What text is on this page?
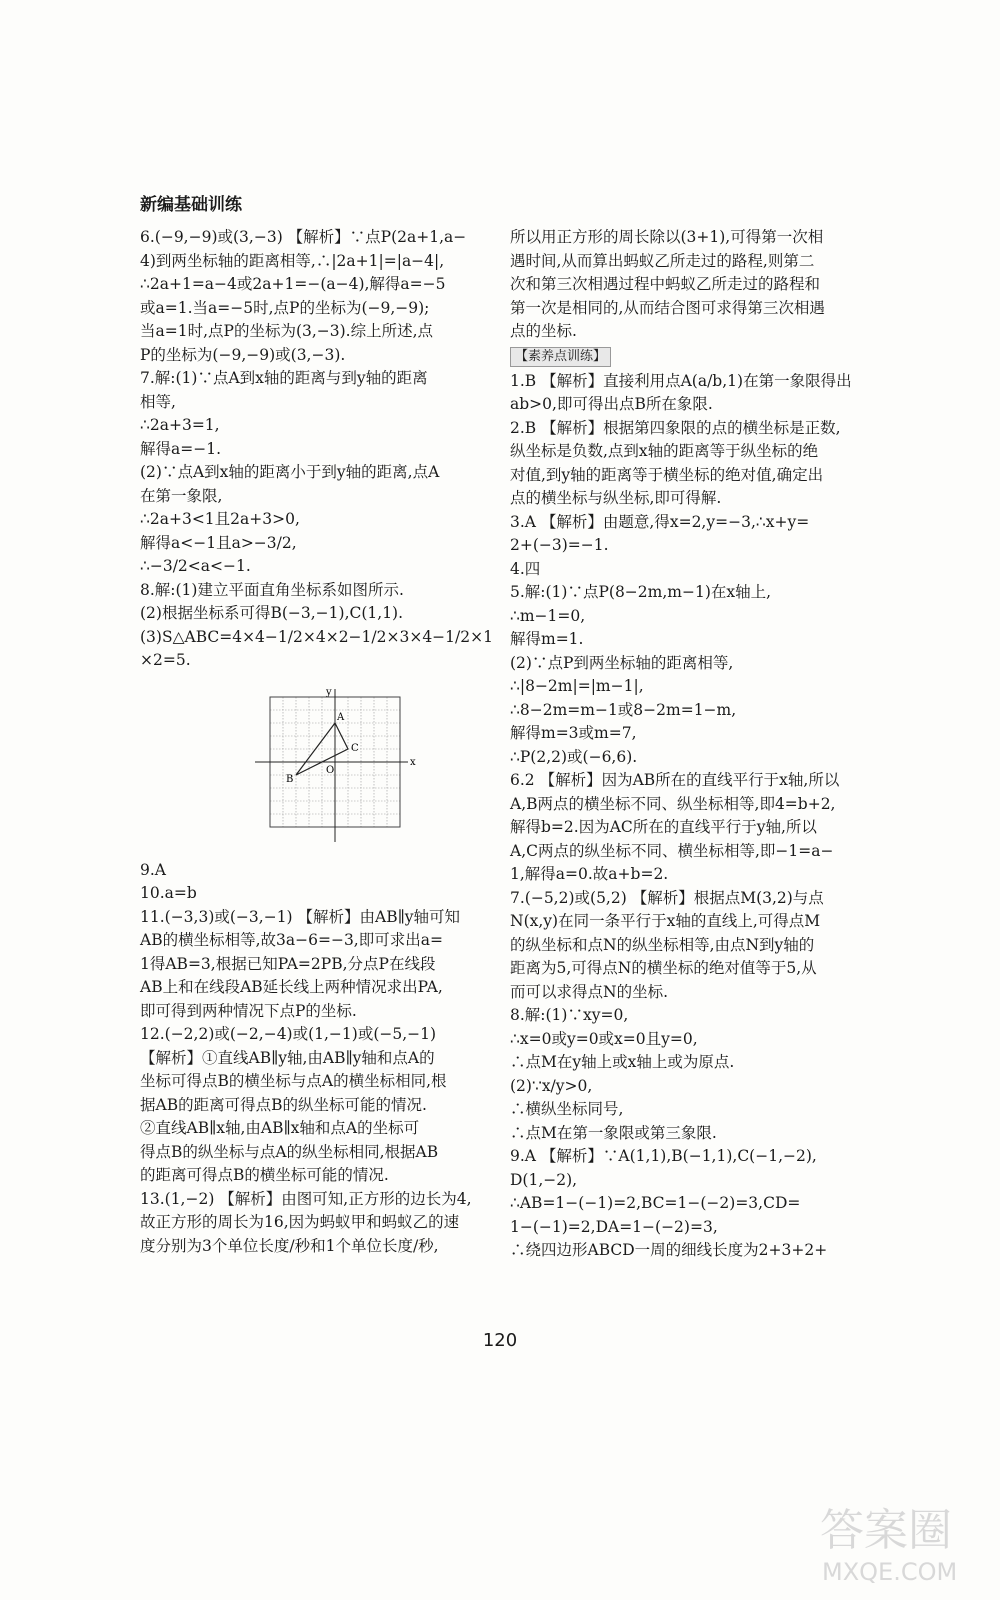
新编基础训练

6.(−9,−9)或(3,−3) 【解析】∵点P(2a+1,a−

4)到两坐标轴的距离相等,∴|2a+1|=|a−4|,

∴2a+1=a−4或2a+1=−(a−4),解得a=−5

或a=1.当a=−5时,点P的坐标为(−9,−9);

当a=1时,点P的坐标为(3,−3).综上所述,点

P的坐标为(−9,−9)或(3,−3).

7.解:(1)∵点A到x轴的距离与到y轴的距离

相等,

∴2a+3=1,

解得a=−1.

(2)∵点A到x轴的距离小于到y轴的距离,点A

在第一象限,

∴2a+3<1且2a+3>0,

解得a<−1且a>−3/2,

∴−3/2<a<−1.

8.解:(1)建立平面直角坐标系如图所示.

(2)根据坐标系可得B(−3,−1),C(1,1).

(3)S△ABC=4×4−1/2×4×2−1/2×3×4−1/2×1

×2=5.

x
y
O
A
B
C

9.A

10.a=b

11.(−3,3)或(−3,−1) 【解析】由AB∥y轴可知

AB的横坐标相等,故3a−6=−3,即可求出a=

1得AB=3,根据已知PA=2PB,分点P在线段

AB上和在线段AB延长线上两种情况求出PA,

即可得到两种情况下点P的坐标.

12.(−2,2)或(−2,−4)或(1,−1)或(−5,−1)

【解析】①直线AB∥y轴,由AB∥y轴和点A的

坐标可得点B的横坐标与点A的横坐标相同,根

据AB的距离可得点B的纵坐标可能的情况.

②直线AB∥x轴,由AB∥x轴和点A的坐标可

得点B的纵坐标与点A的纵坐标相同,根据AB

的距离可得点B的横坐标可能的情况.

13.(1,−2) 【解析】由图可知,正方形的边长为4,

故正方形的周长为16,因为蚂蚁甲和蚂蚁乙的速

度分别为3个单位长度/秒和1个单位长度/秒,

所以用正方形的周长除以(3+1),可得第一次相

遇时间,从而算出蚂蚁乙所走过的路程,则第二

次和第三次相遇过程中蚂蚁乙所走过的路程和

第一次是相同的,从而结合图可求得第三次相遇

点的坐标.

【素养点训练】

1.B 【解析】直接利用点A(a/b,1)在第一象限得出

ab>0,即可得出点B所在象限.

2.B 【解析】根据第四象限的点的横坐标是正数,

纵坐标是负数,点到x轴的距离等于纵坐标的绝

对值,到y轴的距离等于横坐标的绝对值,确定出

点的横坐标与纵坐标,即可得解.

3.A 【解析】由题意,得x=2,y=−3,∴x+y=

2+(−3)=−1.

4.四

5.解:(1)∵点P(8−2m,m−1)在x轴上,

∴m−1=0,

解得m=1.

(2)∵点P到两坐标轴的距离相等,

∴|8−2m|=|m−1|,

∴8−2m=m−1或8−2m=1−m,

解得m=3或m=7,

∴P(2,2)或(−6,6).

6.2 【解析】因为AB所在的直线平行于x轴,所以

A,B两点的横坐标不同、纵坐标相等,即4=b+2,

解得b=2.因为AC所在的直线平行于y轴,所以

A,C两点的纵坐标不同、横坐标相等,即−1=a−

1,解得a=0.故a+b=2.

7.(−5,2)或(5,2) 【解析】根据点M(3,2)与点

N(x,y)在同一条平行于x轴的直线上,可得点M

的纵坐标和点N的纵坐标相等,由点N到y轴的

距离为5,可得点N的横坐标的绝对值等于5,从

而可以求得点N的坐标.

8.解:(1)∵xy=0,

∴x=0或y=0或x=0且y=0,

∴点M在y轴上或x轴上或为原点.

(2)∵x/y>0,

∴横纵坐标同号,

∴点M在第一象限或第三象限.

9.A 【解析】∵A(1,1),B(−1,1),C(−1,−2),

D(1,−2),

∴AB=1−(−1)=2,BC=1−(−2)=3,CD=

1−(−1)=2,DA=1−(−2)=3,

∴绕四边形ABCD一周的细线长度为2+3+2+

120
答案圈
MXQE.COM
